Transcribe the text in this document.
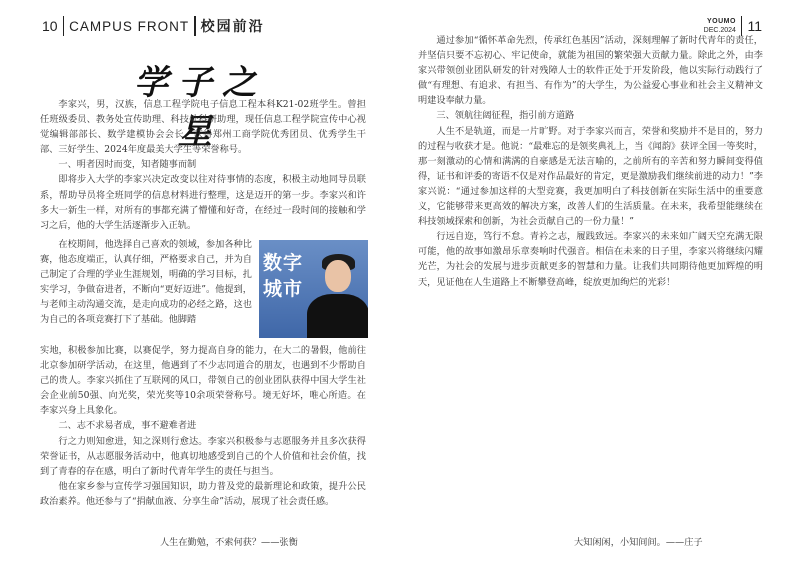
10 CAMPUS FRONT 校园前沿
学子之星

李家兴，男，汉族，信息工程学院电子信息工程本科K21-02班学生。曾担任班级委员、教务处宣传助理、科技处科研助理，现任信息工程学院宣传中心视觉编辑部部长、数学建模协会会长。获得郑州工商学院优秀团员、优秀学生干部、三好学生、2024年度最美大学生等荣誉称号。

一、明者因时而变，知者随事而制

即将步入大学的李家兴决定改变以往对待事情的态度，积极主动地同导员联系，帮助导员将全班同学的信息材料进行整理，这是迈开的第一步。李家兴和许多大一新生一样，对所有的事都充满了懵懂和好奇，在经过一段时间的接触和学习之后，他的大学生活逐渐步入正轨。

在校期间，他选择自己喜欢的领域，参加各种比赛，他态度端正，认真仔细，严格要求自己，并为自己制定了合理的学业生涯规划，明确的学习目标，扎实学习，争做奋进者，不断向“更好迈进”。他提到，与老师主动沟通交流，是走向成功的必经之路，这也为自己的各项竞赛打下了基础。他脚踏

数字
城市

实地，积极参加比赛，以赛促学，努力提高自身的能力，在大二的暑假，他前往北京参加研学活动，在这里，他遇到了不少志同道合的朋友，也遇到不少帮助自己的贵人。李家兴抓住了互联网的风口，带领自己的创业团队获得中国大学生社会企业前50强、向光奖，荣光奖等10余项荣誉称号。境无好坏，唯心所造。在李家兴身上具象化。

二、志不求易者成，事不避难者进

行之力则知愈进，知之深则行愈达。李家兴积极参与志愿服务并且多次获得荣誉证书，从志愿服务活动中，他真切地感受到自己的个人价值和社会价值，找到了青春的存在感，明白了新时代青年学生的责任与担当。

他在家乡参与宣传学习强国知识，助力普及党的最新理论和政策，提升公民政治素养。他还参与了“捐献血液、分享生命”活动，展现了社会责任感。

人生在勤勉，不索何获？——张衡
YOUMO
DEC.2024 11

通过参加“循怀革命先烈，传承红色基因”活动，深刻理解了新时代青年的责任，并坚信只要不忘初心、牢记使命，就能为祖国的繁荣强大贡献力量。除此之外，由李家兴带领创业团队研发的针对残障人士的软件正处于开发阶段，他以实际行动践行了做“有理想、有追求、有担当、有作为”的大学生，为公益爱心事业和社会主义精神文明建设奉献力量。

三、领航往阔征程，指引前方道路

人生不是轨道，而是一片旷野。对于李家兴而言，荣誉和奖励并不是目的，努力的过程与收获才是。他说：“最难忘的是领奖典礼上，当《闻韵》获评全国一等奖时，那一刻激动的心情和满满的自豪感是无法言喻的，之前所有的辛苦和努力瞬间变得值得，证书和评委的寄语不仅是对作品最好的肯定，更是激励我们继续前进的动力！”李家兴说：“通过参加这样的大型竞赛，我更加明白了科技创新在实际生活中的重要意义，它能够带来更高效的解决方案，改善人们的生活质量。在未来，我希望能继续在科技领域探索和创新，为社会贡献自己的一份力量！”

行远自迩，笃行不怠。青衿之志，履践致远。李家兴的未来如广阔天空充满无限可能，他的故事如激昂乐章奏响时代强音。相信在未来的日子里，李家兴将继续闪耀光芒，为社会的发展与进步贡献更多的智慧和力量。让我们共同期待他更加辉煌的明天，见证他在人生道路上不断攀登高峰，绽放更加绚烂的光彩！

大知闲闲，小知间间。——庄子
